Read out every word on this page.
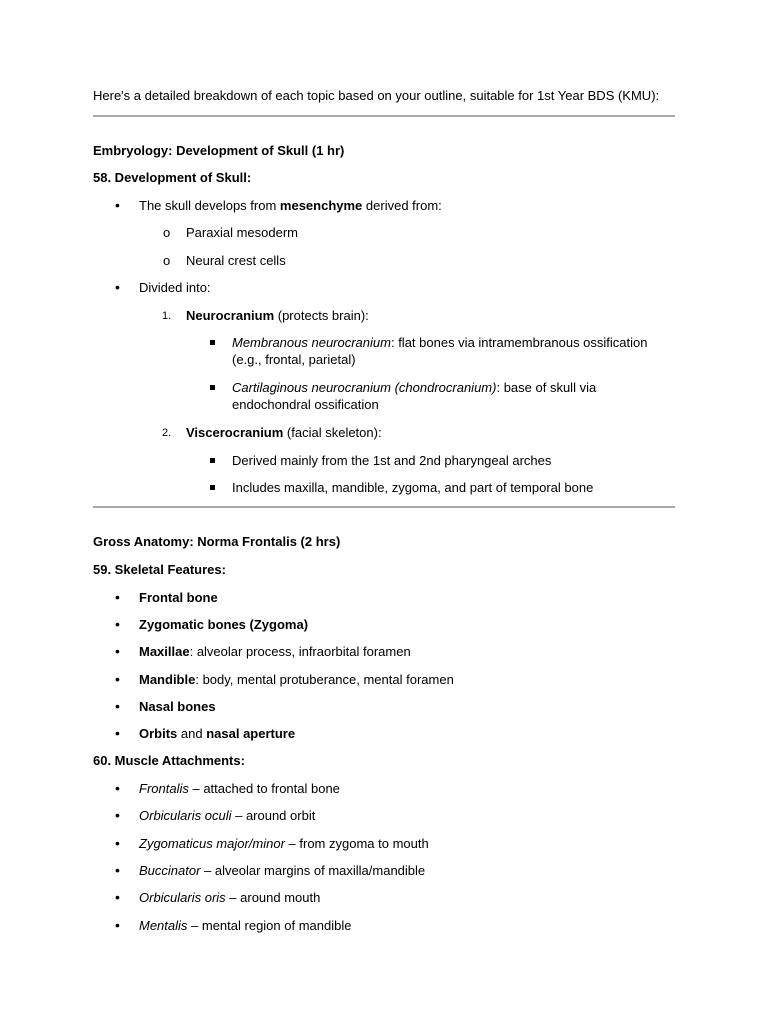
Here's a detailed breakdown of each topic based on your outline, suitable for 1st Year BDS (KMU):
Embryology: Development of Skull (1 hr)
58. Development of Skull:
• The skull develops from mesenchyme derived from:
o Paraxial mesoderm
o Neural crest cells
• Divided into:
1. Neurocranium (protects brain):
Membranous neurocranium: flat bones via intramembranous ossification
(e.g., frontal, parietal)
Cartilaginous neurocranium (chondrocranium): base of skull via
endochondral ossification
2. Viscerocranium (facial skeleton):
Derived mainly from the 1st and 2nd pharyngeal arches
Includes maxilla, mandible, zygoma, and part of temporal bone
Gross Anatomy: Norma Frontalis (2 hrs)
59. Skeletal Features:
• Frontal bone
• Zygomatic bones (Zygoma)
• Maxillae: alveolar process, infraorbital foramen
• Mandible: body, mental protuberance, mental foramen
• Nasal bones
• Orbits and nasal aperture
60. Muscle Attachments:
• Frontalis – attached to frontal bone
• Orbicularis oculi – around orbit
• Zygomaticus major/minor – from zygoma to mouth
• Buccinator – alveolar margins of maxilla/mandible
• Orbicularis oris – around mouth
• Mentalis – mental region of mandible
